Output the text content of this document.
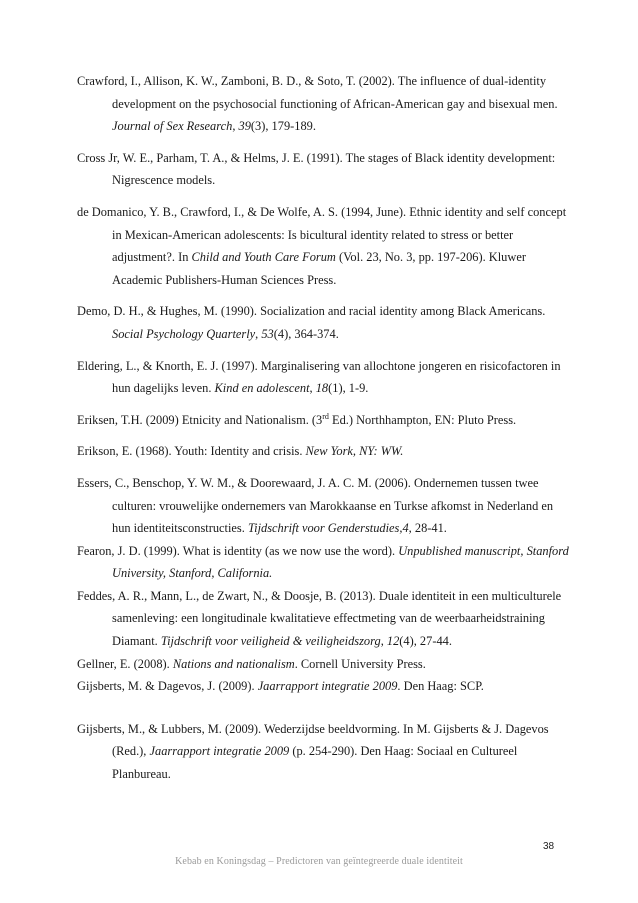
Crawford, I., Allison, K. W., Zamboni, B. D., & Soto, T. (2002). The influence of dual-identity development on the psychosocial functioning of African-American gay and bisexual men. Journal of Sex Research, 39(3), 179-189.

Cross Jr, W. E., Parham, T. A., & Helms, J. E. (1991). The stages of Black identity development: Nigrescence models.

de Domanico, Y. B., Crawford, I., & De Wolfe, A. S. (1994, June). Ethnic identity and self concept in Mexican-American adolescents: Is bicultural identity related to stress or better adjustment?. In Child and Youth Care Forum (Vol. 23, No. 3, pp. 197-206). Kluwer Academic Publishers-Human Sciences Press.

Demo, D. H., & Hughes, M. (1990). Socialization and racial identity among Black Americans. Social Psychology Quarterly, 53(4), 364-374.

Eldering, L., & Knorth, E. J. (1997). Marginalisering van allochtone jongeren en risicofactoren in hun dagelijks leven. Kind en adolescent, 18(1), 1-9.

Eriksen, T.H. (2009) Etnicity and Nationalism. (3rd Ed.) Northhampton, EN: Pluto Press.

Erikson, E. (1968). Youth: Identity and crisis. New York, NY: WW.

Essers, C., Benschop, Y. W. M., & Doorewaard, J. A. C. M. (2006). Ondernemen tussen twee culturen: vrouwelijke ondernemers van Marokkaanse en Turkse afkomst in Nederland en hun identiteitsconstructies. Tijdschrift voor Genderstudies,4, 28-41.

Fearon, J. D. (1999). What is identity (as we now use the word). Unpublished manuscript, Stanford University, Stanford, California.

Feddes, A. R., Mann, L., de Zwart, N., & Doosje, B. (2013). Duale identiteit in een multiculturele samenleving: een longitudinale kwalitatieve effectmeting van de weerbaarheidstraining Diamant. Tijdschrift voor veiligheid & veiligheidszorg, 12(4), 27-44.

Gellner, E. (2008). Nations and nationalism. Cornell University Press.

Gijsberts, M. & Dagevos, J. (2009). Jaarrapport integratie 2009. Den Haag: SCP.

Gijsberts, M., & Lubbers, M. (2009). Wederzijdse beeldvorming. In M. Gijsberts & J. Dagevos (Red.), Jaarrapport integratie 2009 (p. 254-290). Den Haag: Sociaal en Cultureel Planbureau.

38
Kebab en Koningsdag – Predictoren van geïntegreerde duale identiteit
